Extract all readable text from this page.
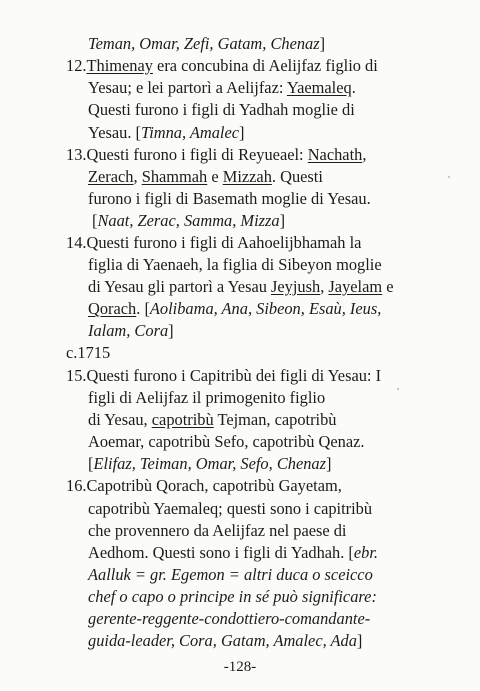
Teman, Omar, Zefi, Gatam, Chenaz]
12.Thimenay era concubina di Aelijfaz figlio di
Yesau; e lei partorì a Aelijfaz: Yaemaleq.
Questi furono i figli di Yadhah moglie di
Yesau. [Timna, Amalec]
13.Questi furono i figli di Reyueael: Nachath,
Zerach, Shammah e Mizzah. Questi
furono i figli di Basemath moglie di Yesau.
[Naat, Zerac, Samma, Mizza]
14.Questi furono i figli di Aahoelijbhamah la
figlia di Yaenaeh, la figlia di Sibeyon moglie
di Yesau gli partorì a Yesau Jeyjush, Jayelam e
Qorach. [Aolibama, Ana, Sibeon, Esaù, Ieus,
Ialam, Cora]
c.1715
15.Questi furono i Capitribù dei figli di Yesau: I
figli di Aelijfaz il primogenito figlio
di Yesau, capotribù Tejman, capotribù
Aoemar, capotribù Sefo, capotribù Qenaz.
[Elifaz, Teiman, Omar, Sefo, Chenaz]
16.Capotribù Qorach, capotribù Gayetam,
capotribù Yaemaleq; questi sono i capitribù
che provennero da Aelijfaz nel paese di
Aedhom. Questi sono i figli di Yadhah. [ebr.
Aalluk = gr. Egemon = altri duca o sceicco
chef o capo o principe in sé può significare:
gerente-reggente-condottiero-comandante-
guida-leader, Cora, Gatam, Amalec, Ada]
-128-
